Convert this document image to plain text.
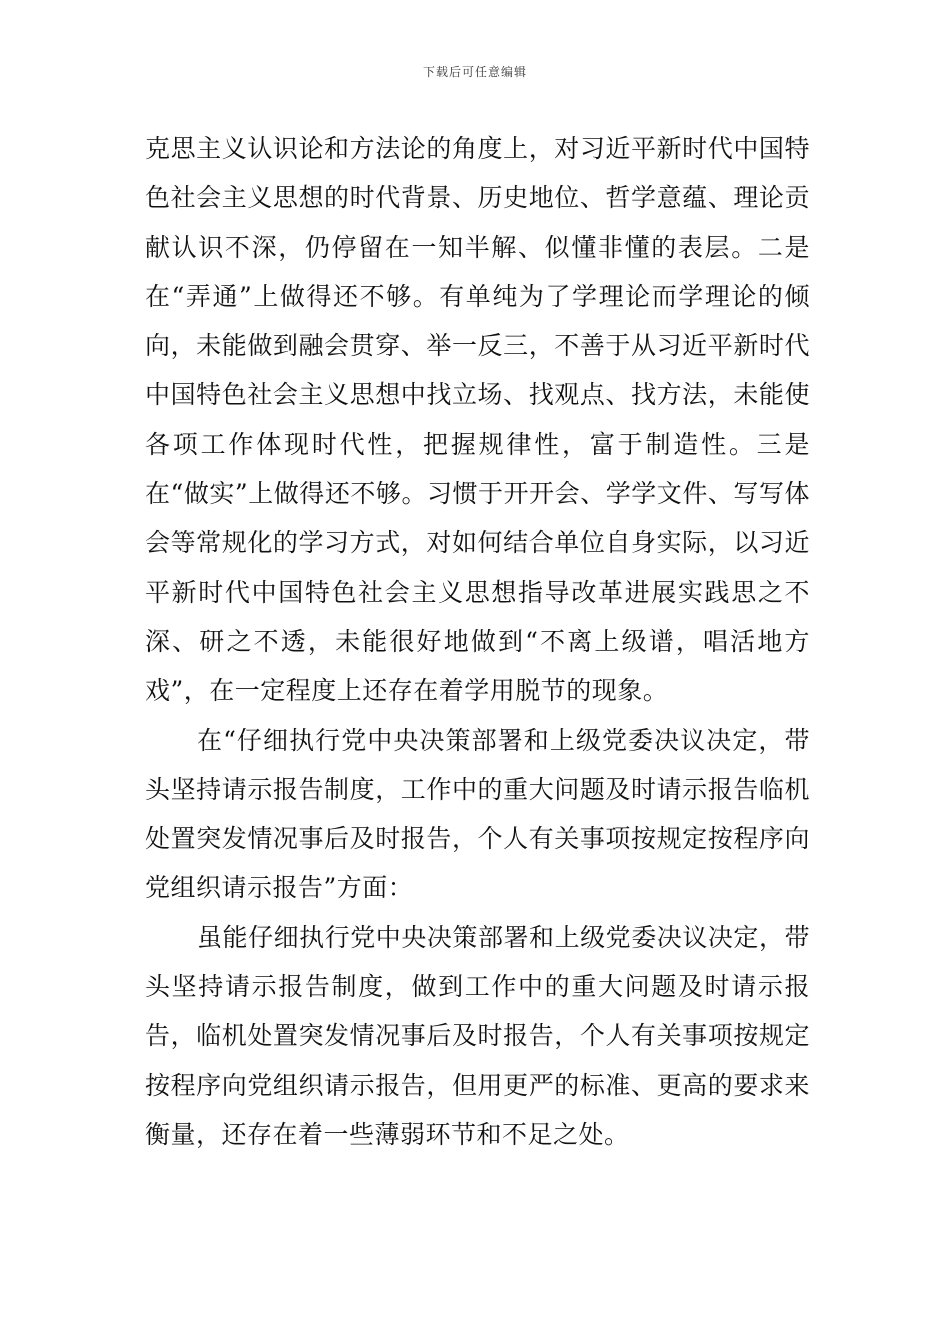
下载后可任意编辑

克思主义认识论和方法论的角度上，对习近平新时代中国特色社会主义思想的时代背景、历史地位、哲学意蕴、理论贡献认识不深，仍停留在一知半解、似懂非懂的表层。二是在“弄通”上做得还不够。有单纯为了学理论而学理论的倾向，未能做到融会贯穿、举一反三，不善于从习近平新时代中国特色社会主义思想中找立场、找观点、找方法，未能使各项工作体现时代性，把握规律性，富于制造性。三是在“做实”上做得还不够。习惯于开开会、学学文件、写写体会等常规化的学习方式，对如何结合单位自身实际，以习近平新时代中国特色社会主义思想指导改革进展实践思之不深、研之不透，未能很好地做到“不离上级谱，唱活地方戏”，在一定程度上还存在着学用脱节的现象。

在“仔细执行党中央决策部署和上级党委决议决定，带头坚持请示报告制度，工作中的重大问题及时请示报告临机处置突发情况事后及时报告，个人有关事项按规定按程序向党组织请示报告”方面：

虽能仔细执行党中央决策部署和上级党委决议决定，带头坚持请示报告制度，做到工作中的重大问题及时请示报告，临机处置突发情况事后及时报告，个人有关事项按规定按程序向党组织请示报告，但用更严的标准、更高的要求来衡量，还存在着一些薄弱环节和不足之处。
